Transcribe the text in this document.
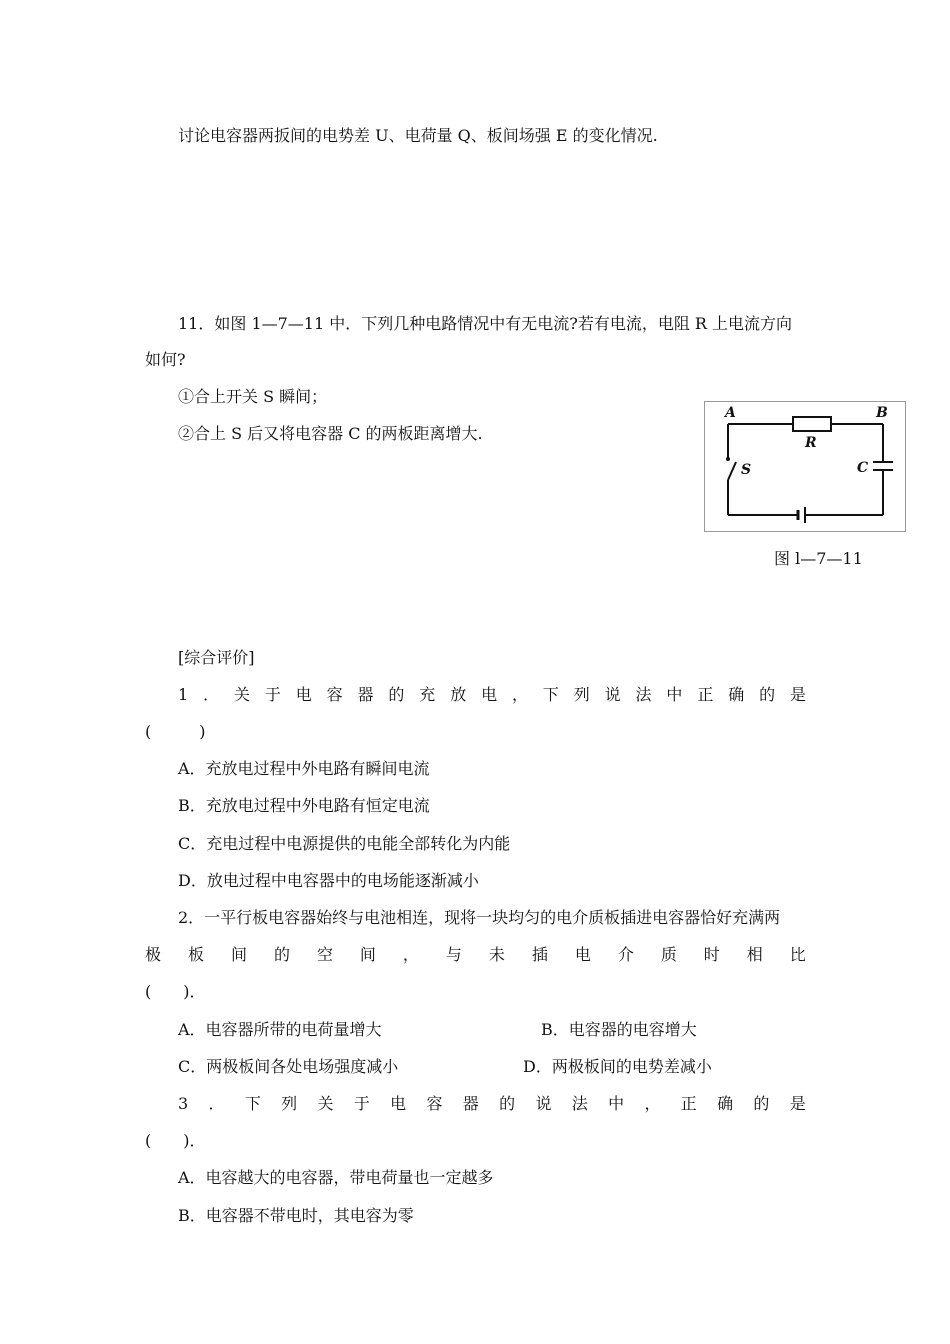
讨论电容器两扳间的电势差 U、电荷量 Q、板间场强 E 的变化情况.
11．如图 1—7—11 中．下列几种电路情况中有无电流?若有电流，电阻 R 上电流方向
如何?
①合上开关 S 瞬间；
②合上 S 后又将电容器 C 的两板距离增大.
A	B
R
C
S
图 l—7—11
[综合评价]
1 ． 关 于 电 容 器 的 充 放 电 ， 下 列 说 法 中 正 确 的 是
(　　　)
A．充放电过程中外电路有瞬间电流
B．充放电过程中外电路有恒定电流
C．充电过程中电源提供的电能全部转化为内能
D．放电过程中电容器中的电场能逐渐减小
2．一平行板电容器始终与电池相连，现将一块均匀的电介质板插进电容器恰好充满两
极 板 间 的 空 间 ， 与 未 插 电 介 质 时 相 比
(　　)．
A．电容器所带的电荷量增大	B．电容器的电容增大
C．两极板间各处电场强度减小	D．两极板间的电势差减小
3 ． 下 列 关 于 电 容 器 的 说 法 中 ， 正 确 的 是
(　　)．
A．电容越大的电容器，带电荷量也一定越多
B．电容器不带电时，其电容为零
